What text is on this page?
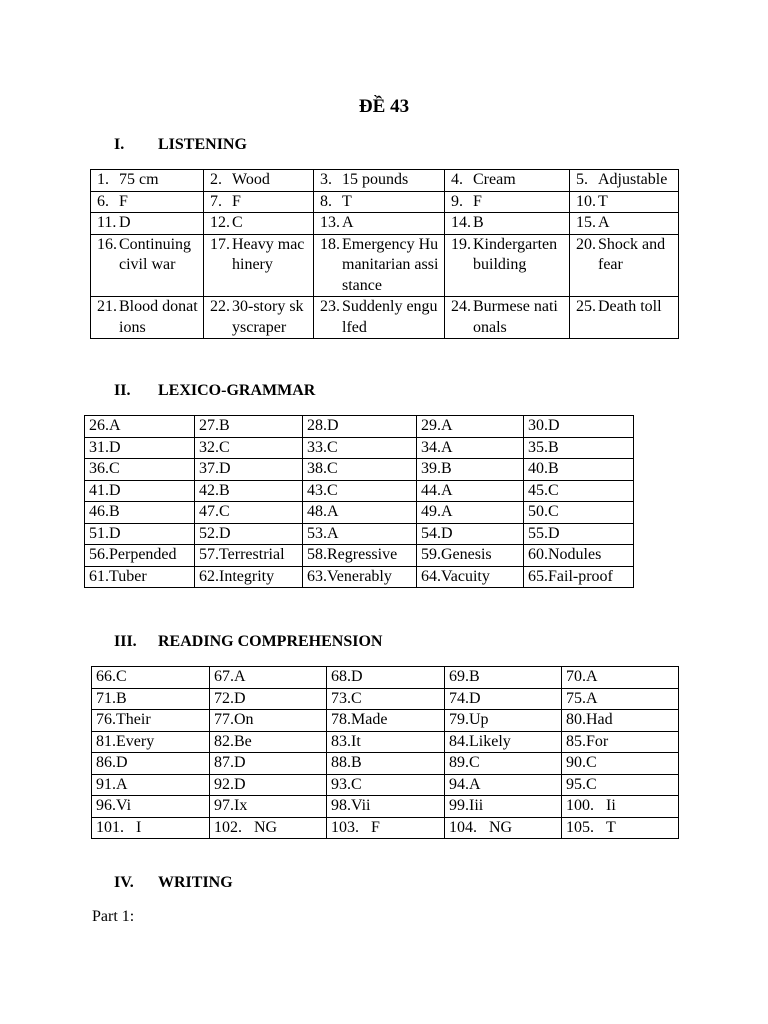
ĐỀ 43
I. LISTENING
1. 75 cm	2. Wood	3. 15 pounds	4. Cream	5. Adjustable

6. F	7. F	8. T	9. F	10. T

11. D	12. C	13. A	14. B	15. A

16. Continuing civil war	17. Heavy machinery	18. Emergency Humanitarian assistance	19. Kindergarten building	20. Shock and fear

21. Blood donations	22. 30-story skyscraper	23. Suddenly engulfed	24. Burmese nationals	25. Death toll
II. LEXICO-GRAMMAR
26. A	27. B	28. D	29. A	30. D

31. D	32. C	33. C	34. A	35. B

36. C	37. D	38. C	39. B	40. B

41. D	42. B	43. C	44. A	45. C

46. B	47. C	48. A	49. A	50. C

51. D	52. D	53. A	54. D	55. D

56. Perpended	57. Terrestrial	58. Regressive	59. Genesis	60. Nodules

61. Tuber	62. Integrity	63. Venerably	64. Vacuity	65. Fail-proof
III. READING COMPREHENSION
66. C	67. A	68. D	69. B	70. A

71. B	72. D	73. C	74. D	75. A

76. Their	77. On	78. Made	79. Up	80. Had

81. Every	82. Be	83. It	84. Likely	85. For

86. D	87. D	88. B	89. C	90. C

91. A	92. D	93. C	94. A	95. C

96. Vi	97. Ix	98. Vii	99. Iii	100. Ii

101. I	102. NG	103. F	104. NG	105. T
IV. WRITING
Part 1:
